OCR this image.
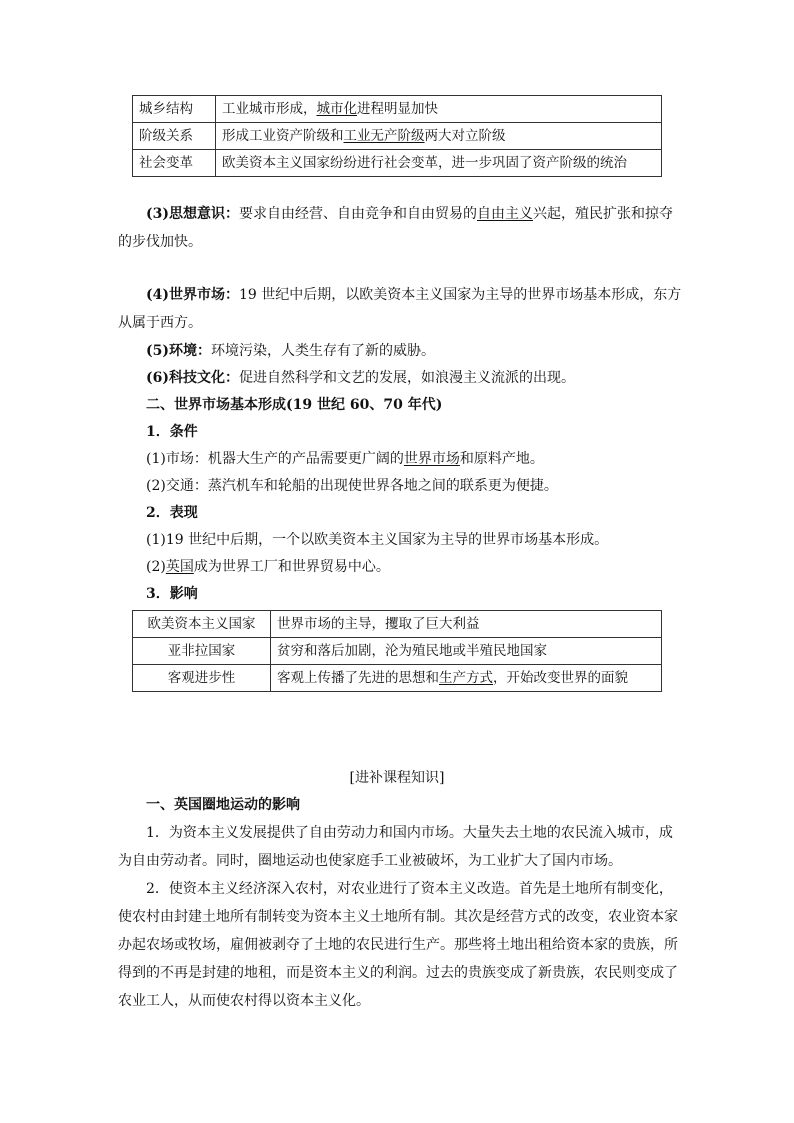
城乡结构	工业城市形成，城市化进程明显加快
阶级关系	形成工业资产阶级和工业无产阶级两大对立阶级
社会变革	欧美资本主义国家纷纷进行社会变革，进一步巩固了资产阶级的统治
(3)思想意识：要求自由经营、自由竞争和自由贸易的自由主义兴起，殖民扩张和掠夺
的步伐加快。
(4)世界市场：19 世纪中后期，以欧美资本主义国家为主导的世界市场基本形成，东方
从属于西方。
(5)环境：环境污染，人类生存有了新的威胁。
(6)科技文化：促进自然科学和文艺的发展，如浪漫主义流派的出现。
二、世界市场基本形成(19 世纪 60、70 年代)
1．条件
(1)市场：机器大生产的产品需要更广阔的世界市场和原料产地。
(2)交通：蒸汽机车和轮船的出现使世界各地之间的联系更为便捷。
2．表现
(1)19 世纪中后期，一个以欧美资本主义国家为主导的世界市场基本形成。
(2)英国成为世界工厂和世界贸易中心。
3．影响
欧美资本主义国家	世界市场的主导，攫取了巨大利益
亚非拉国家	贫穷和落后加剧，沦为殖民地或半殖民地国家
客观进步性	客观上传播了先进的思想和生产方式，开始改变世界的面貌
[进补课程知识]
一、英国圈地运动的影响
1．为资本主义发展提供了自由劳动力和国内市场。大量失去土地的农民流入城市，成
为自由劳动者。同时，圈地运动也使家庭手工业被破坏，为工业扩大了国内市场。
2．使资本主义经济深入农村，对农业进行了资本主义改造。首先是土地所有制变化，
使农村由封建土地所有制转变为资本主义土地所有制。其次是经营方式的改变，农业资本家
办起农场或牧场，雇佣被剥夺了土地的农民进行生产。那些将土地出租给资本家的贵族，所
得到的不再是封建的地租，而是资本主义的利润。过去的贵族变成了新贵族，农民则变成了
农业工人，从而使农村得以资本主义化。
